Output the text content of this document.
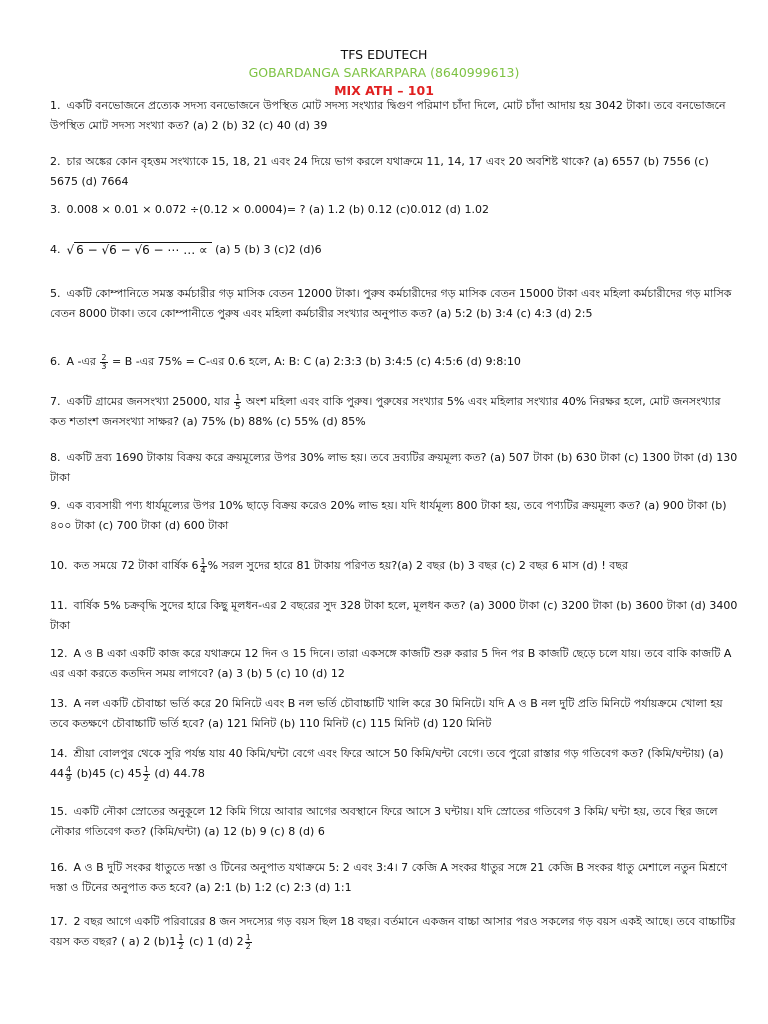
TFS EDUTECH
GOBARDANGA SARKARPARA (8640999613)
MIX ATH – 101
1. একটি বনভোজনে প্রত্যেক সদস্য বনভোজনে উপস্থিত মোট সদস্য সংখ্যার দ্বিগুণ পরিমাণ চাঁদা দিলে, মোট চাঁদা আদায় হয় 3042 টাকা। তবে বনভোজনে উপস্থিত মোট সদস্য সংখ্যা কত? (a) 2 (b) 32 (c) 40 (d) 39
2. চার অঙ্কের কোন বৃহত্তম সংখ্যাকে 15, 18, 21 এবং 24 দিয়ে ভাগ করলে যথাক্রমে 11, 14, 17 এবং 20 অবশিষ্ট থাকে? (a) 6557 (b) 7556 (c) 5675 (d) 7664
3. 0.008 × 0.01 × 0.072 ÷(0.12 × 0.0004)= ? (a) 1.2 (b) 0.12 (c)0.012 (d) 1.02
4. √ 6 − √6 − √6 − ⋯ … ∝ (a) 5 (b) 3 (c)2 (d)6
5. একটি কোম্পানিতে সমস্ত কর্মচারীর গড় মাসিক বেতন 12000 টাকা। পুরুষ কর্মচারীদের গড় মাসিক বেতন 15000 টাকা এবং মহিলা কর্মচারীদের গড় মাসিক বেতন 8000 টাকা। তবে কোম্পানীতে পুরুষ এবং মহিলা কর্মচারীর সংখ্যার অনুপাত কত? (a) 5:2 (b) 3:4 (c) 4:3 (d) 2:5
6. A -এর $\frac{2}{3} = B$ -এর 75% = C-এর 0.6 হলে, A: B: C (a) 2:3:3 (b) 3:4:5 (c) 4:5:6 (d) 9:8:10
7. একটি গ্রামের জনসংখ্যা 25000, যার $\frac{1}{5}$ অংশ মহিলা এবং বাকি পুরুষ। পুরুষের সংখ্যার 5% এবং মহিলার সংখ্যার 40% নিরক্ষর হলে, মোট জনসংখ্যার কত শতাংশ জনসংখ্যা সাক্ষর? (a) 75% (b) 88% (c) 55% (d) 85%
8. একটি দ্রব্য 1690 টাকায় বিক্রয় করে ক্রয়মূল্যের উপর 30% লাভ হয়। তবে দ্রব্যটির ক্রয়মূল্য কত? (a) 507 টাকা (b) 630 টাকা (c) 1300 টাকা (d) 130 টাকা
9. এক ব্যবসায়ী পণ্য ধার্যমূল্যের উপর 10% ছাড়ে বিক্রয় করেও 20% লাভ হয়। যদি ধার্যমূল্য 800 টাকা হয়, তবে পণ্যটির ক্রয়মূল্য কত? (a) 900 টাকা (b) ৪০০ টাকা (c) 700 টাকা (d) 600 টাকা
10. কত সময়ে 72 টাকা বার্ষিক $6 \frac{1}{4}$ % সরল সুদের হারে 81 টাকায় পরিণত হয়?(a) 2 বছর (b) 3 বছর (c) 2 বছর 6 মাস (d) ! বছর
11. বার্ষিক 5% চক্রবৃদ্ধি সুদের হারে কিছু মূলধন-এর 2 বছরের সুদ 328 টাকা হলে, মূলধন কত? (a) 3000 টাকা (c) 3200 টাকা (b) 3600 টাকা (d) 3400 টাকা
12. A ও B একা একটি কাজ করে যথাক্রমে 12 দিন ও 15 দিনে। তারা একসঙ্গে কাজটি শুরু করার 5 দিন পর B কাজটি ছেড়ে চলে যায়। তবে বাকি কাজটি A এর একা করতে কতদিন সময় লাগবে? (a) 3 (b) 5 (c) 10 (d) 12
13. A নল একটি চৌবাচ্চা ভর্তি করে 20 মিনিটে এবং B নল ভর্তি চৌবাচ্চাটি খালি করে 30 মিনিটে। যদি A ও B নল দুটি প্রতি মিনিটে পর্যায়ক্রমে খোলা হয় তবে কতক্ষণে চৌবাচ্চাটি ভর্তি হবে? (a) 121 মিনিট (b) 110 মিনিট (c) 115 মিনিট (d) 120 মিনিট
14. শ্রীয়া বোলপুর থেকে সুরি পর্যন্ত যায় 40 কিমি/ঘন্টা বেগে এবং ফিরে আসে 50 কিমি/ঘন্টা বেগে। তবে পুরো রাস্তার গড় গতিবেগ কত? (কিমি/ঘন্টায়) (a) $44 \frac{4}{9} (b)45$ (c) $45 \frac{1}{2} (d)$ 44.78
15. একটি নৌকা স্রোতের অনুকূলে 12 কিমি গিয়ে আবার আগের অবস্থানে ফিরে আসে 3 ঘন্টায়। যদি স্রোতের গতিবেগ 3 কিমি/ ঘন্টা হয়, তবে স্থির জলে নৌকার গতিবেগ কত? (কিমি/ঘন্টা) (a) 12 (b) 9 (c) 8 (d) 6
16. A ও B দুটি সংকর ধাতুতে দস্তা ও টিনের অনুপাত যথাক্রমে 5: 2 এবং 3:4। 7 কেজি A সংকর ধাতুর সঙ্গে 21 কেজি B সংকর ধাতু মেশালে নতুন মিশ্রণে দস্তা ও টিনের অনুপাত কত হবে? (a) 2:1 (b) 1:2 (c) 2:3 (d) 1:1
17. 2 বছর আগে একটি পরিবারের 8 জন সদস্যের গড় বয়স ছিল 18 বছর। বর্তমানে একজন বাচ্চা আসার পরও সকলের গড় বয়স একই আছে। তবে বাচ্চাটির বয়স কত বছর? ( a) 2 $(b)1 \frac{1}{2} (c)$ 1 (d) $2 \frac{1}{2}$
